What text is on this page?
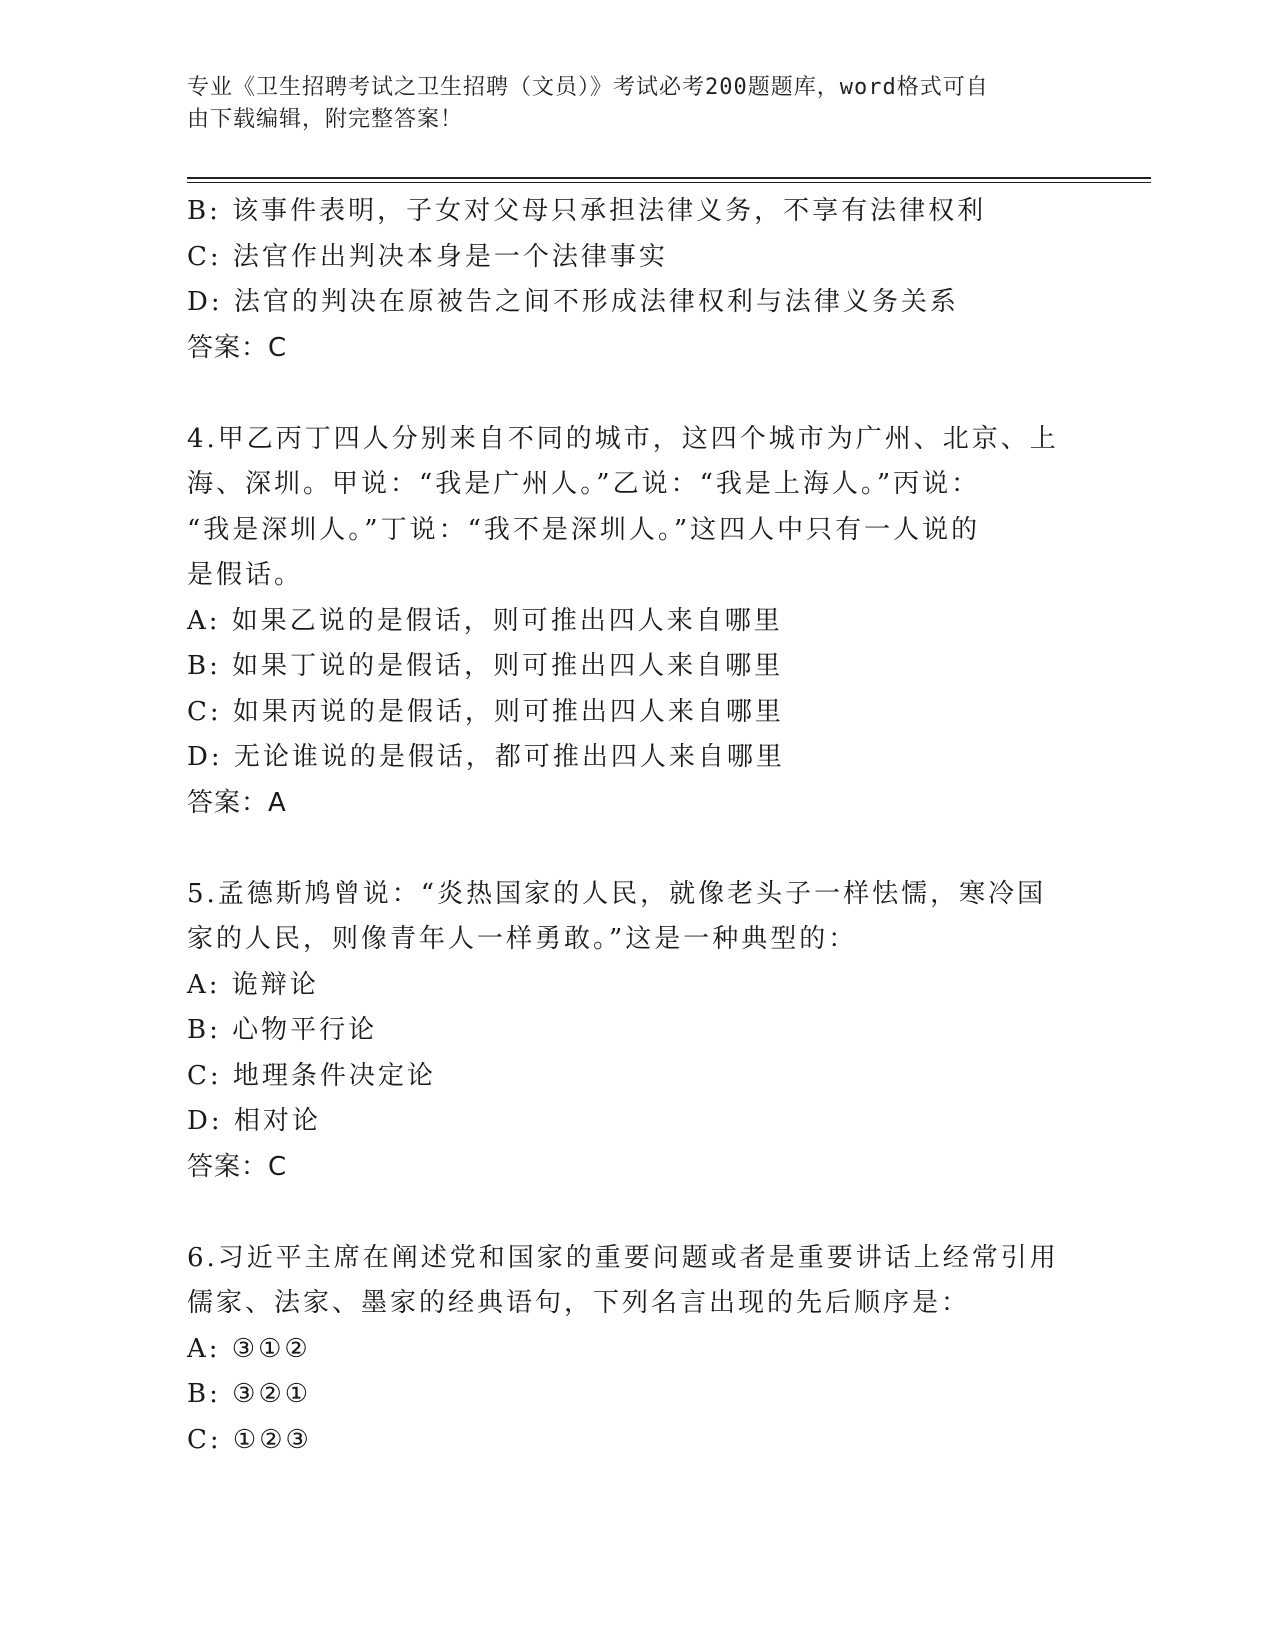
专业《卫生招聘考试之卫生招聘（文员）》考试必考200题题库，word格式可自
由下载编辑，附完整答案！
B: 该事件表明，子女对父母只承担法律义务，不享有法律权利
C: 法官作出判决本身是一个法律事实
D: 法官的判决在原被告之间不形成法律权利与法律义务关系
答案：C
4.甲乙丙丁四人分别来自不同的城市，这四个城市为广州、北京、上
海、深圳。甲说：“我是广州人。”乙说：“我是上海人。”丙说：
“我是深圳人。”丁说：“我不是深圳人。”这四人中只有一人说的
是假话。
A: 如果乙说的是假话，则可推出四人来自哪里
B: 如果丁说的是假话，则可推出四人来自哪里
C: 如果丙说的是假话，则可推出四人来自哪里
D: 无论谁说的是假话，都可推出四人来自哪里
答案：A
5.孟德斯鸠曾说：“炎热国家的人民，就像老头子一样怯懦，寒冷国
家的人民，则像青年人一样勇敢。”这是一种典型的：
A: 诡辩论
B: 心物平行论
C: 地理条件决定论
D: 相对论
答案：C
6.习近平主席在阐述党和国家的重要问题或者是重要讲话上经常引用
儒家、法家、墨家的经典语句，下列名言出现的先后顺序是：
A: ③①②
B: ③②①
C: ①②③
